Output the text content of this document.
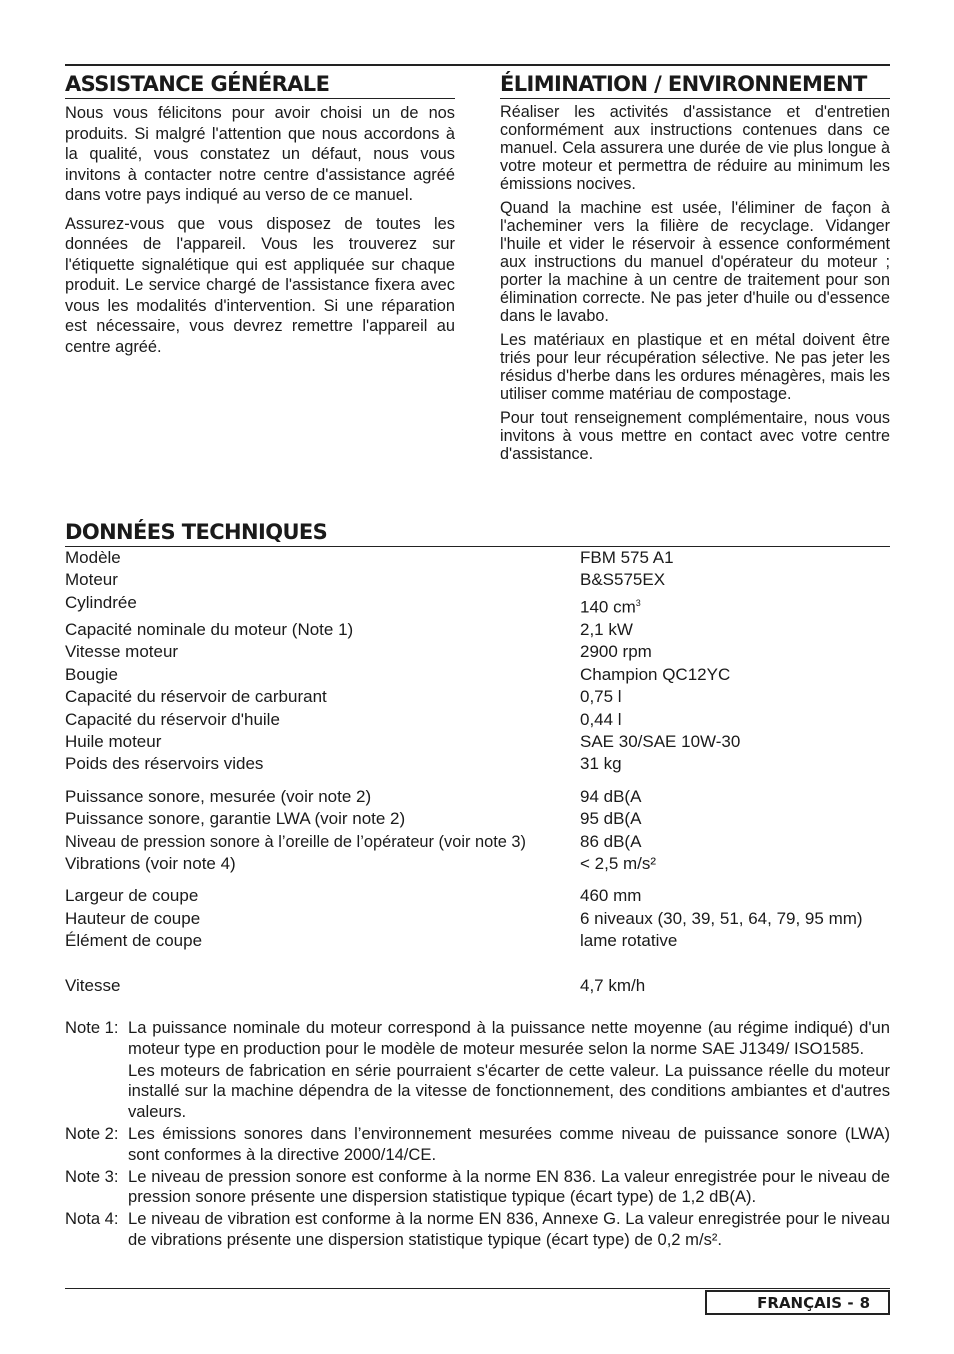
ASSISTANCE GÉNÉRALE

Nous vous félicitons pour avoir choisi un de nos produits. Si malgré l'attention que nous accordons à la qualité, vous constatez un défaut, nous vous invitons à contacter notre centre d'assistance agréé dans votre pays indiqué au verso de ce manuel.

Assurez-vous que vous disposez de toutes les données de l'appareil. Vous les trouverez sur l'étiquette signalétique qui est appliquée sur chaque produit. Le service chargé de l'assistance fixera avec vous les modalités d'intervention. Si une réparation est nécessaire, vous devrez remettre l'appareil au centre agréé.

ÉLIMINATION / ENVIRONNEMENT

Réaliser les activités d'assistance et d'entretien conformément aux instructions contenues dans ce manuel. Cela assurera une durée de vie plus longue à votre moteur et permettra de réduire au minimum les émissions nocives.

Quand la machine est usée, l'éliminer de façon à l'acheminer vers la filière de recyclage. Vidanger l'huile et vider le réservoir à essence conformément aux instructions du manuel d'opérateur du moteur ; porter la machine à un centre de traitement pour son élimination correcte. Ne pas jeter d'huile ou d'essence dans le lavabo.

Les matériaux en plastique et en métal doivent être triés pour leur récupération sélective. Ne pas jeter les résidus d'herbe dans les ordures ménagères, mais les utiliser comme matériau de compostage.

Pour tout renseignement complémentaire, nous vous invitons à vous mettre en contact avec votre centre d'assistance.

DONNÉES TECHNIQUES
Modèle	FBM 575 A1
Moteur	B&S575EX
Cylindrée	140 $cm^3$
Capacité nominale du moteur (Note 1)	2,1 kW
Vitesse moteur	2900 rpm
Bougie	Champion QC12YC
Capacité du réservoir de carburant	0,75 l
Capacité du réservoir d'huile	0,44 l
Huile moteur	SAE 30/SAE 10W-30
Poids des réservoirs vides	31 kg
Puissance sonore, mesurée (voir note 2)	94 dB(A
Puissance sonore, garantie LWA (voir note 2)	95 dB(A
Niveau de pression sonore à l’oreille de l’opérateur (voir note 3)	86 dB(A
Vibrations (voir note 4)	< 2,5 m/s²
Largeur de coupe	460 mm
Hauteur de coupe	6 niveaux (30, 39, 51, 64, 79, 95 mm)
Élément de coupe	lame rotative
Vitesse	4,7 km/h
Note 1: La puissance nominale du moteur correspond à la puissance nette moyenne (au régime indiqué) d'un moteur type en production pour le modèle de moteur mesurée selon la norme SAE J1349/ ISO1585.
Les moteurs de fabrication en série pourraient s'écarter de cette valeur. La puissance réelle du moteur installé sur la machine dépendra de la vitesse de fonctionnement, des conditions ambiantes et d'autres valeurs.
Note 2: Les émissions sonores dans l’environnement mesurées comme niveau de puissance sonore (LWA) sont conformes à la directive 2000/14/CE.
Note 3: Le niveau de pression sonore est conforme à la norme EN 836. La valeur enregistrée pour le niveau de pression sonore présente une dispersion statistique typique (écart type) de 1,2 dB(A).
Nota 4: Le niveau de vibration est conforme à la norme EN 836, Annexe G. La valeur enregistrée pour le niveau de vibrations présente une dispersion statistique typique (écart type) de 0,2 m/s².
FRANÇAIS - 8
